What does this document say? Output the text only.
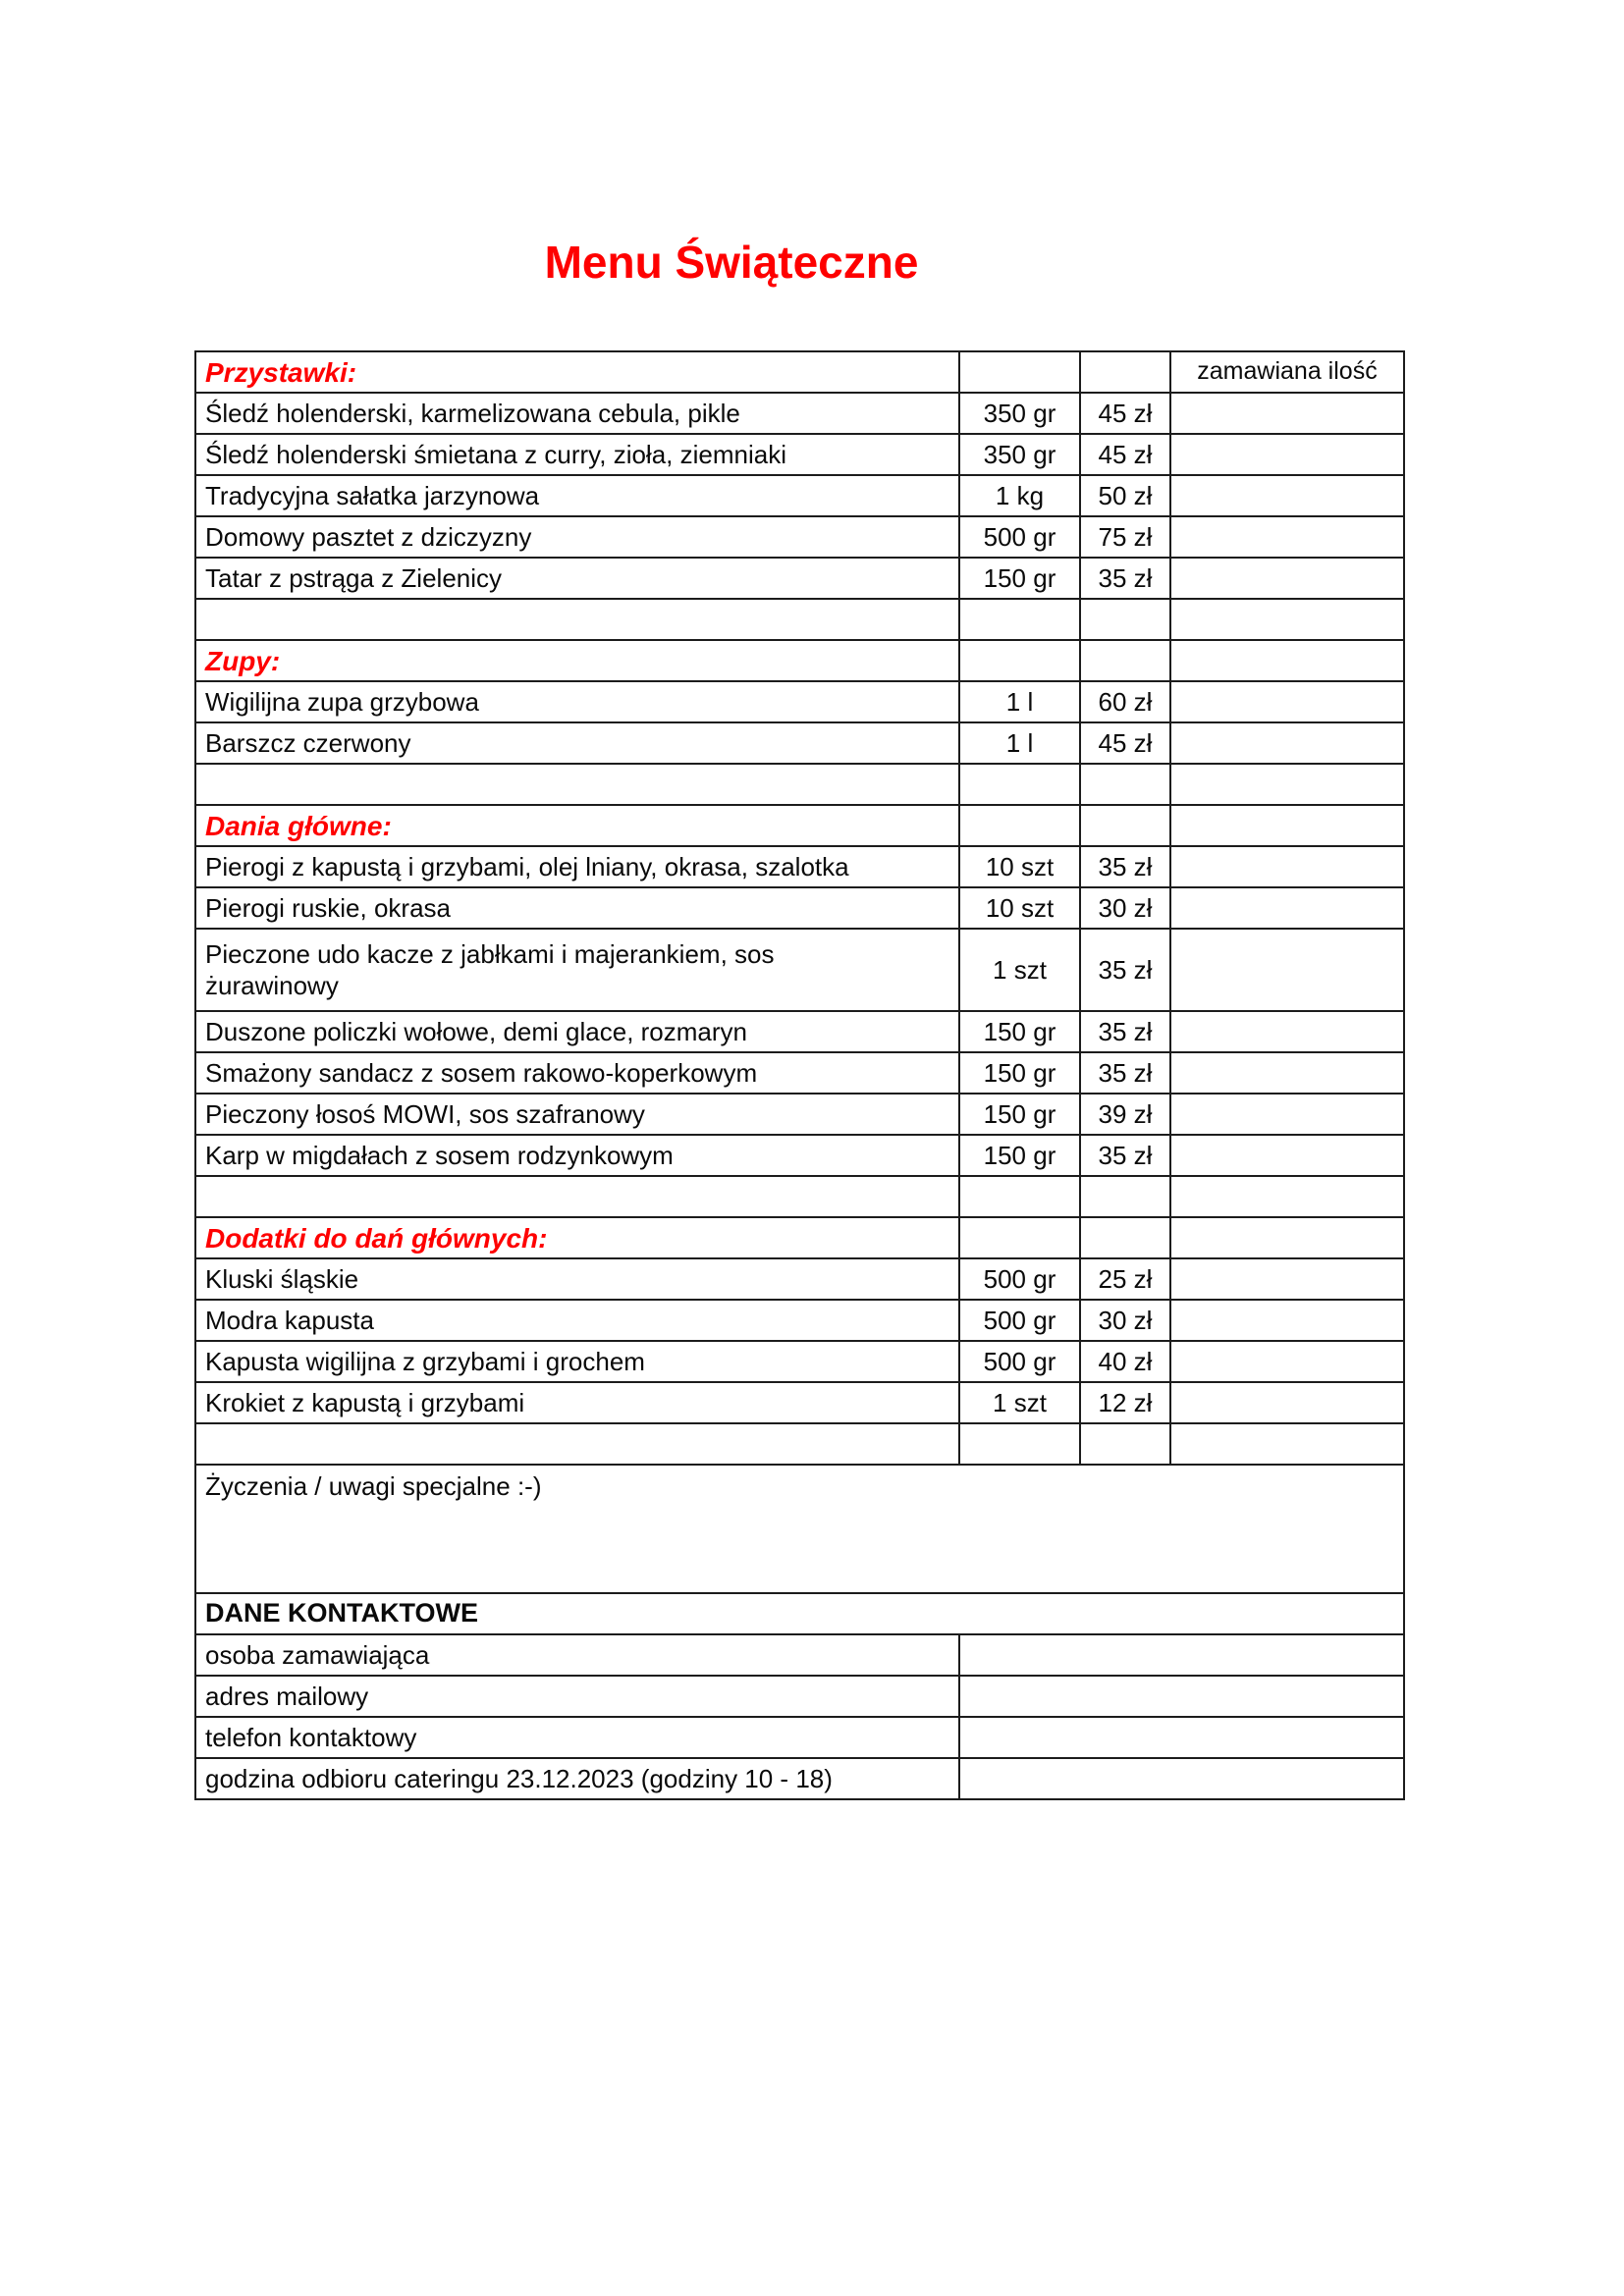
Menu Świąteczne
Przystawki:			zamawiana ilość
Śledź holenderski, karmelizowana cebula, pikle	350 gr	45 zł	
Śledź holenderski śmietana z curry, zioła, ziemniaki	350 gr	45 zł	
Tradycyjna sałatka jarzynowa	1 kg	50 zł	
Domowy pasztet z dziczyzny	500 gr	75 zł	
Tatar z pstrąga z Zielenicy	150 gr	35 zł	

Zupy:			
Wigilijna zupa grzybowa	1 l	60 zł	
Barszcz czerwony	1 l	45 zł	

Dania główne:			
Pierogi z kapustą i grzybami, olej lniany, okrasa, szalotka	10 szt	35 zł	
Pierogi ruskie, okrasa	10 szt	30 zł	
Pieczone udo kacze z jabłkami i majerankiem, sos żurawinowy	1 szt	35 zł	
Duszone policzki wołowe, demi glace, rozmaryn	150 gr	35 zł	
Smażony sandacz z sosem rakowo-koperkowym	150 gr	35 zł	
Pieczony łosoś MOWI, sos szafranowy	150 gr	39 zł	
Karp w migdałach z sosem rodzynkowym	150 gr	35 zł	

Dodatki do dań głównych:			
Kluski śląskie	500 gr	25 zł	
Modra kapusta	500 gr	30 zł	
Kapusta wigilijna z grzybami i grochem	500 gr	40 zł	
Krokiet z kapustą i grzybami	1 szt	12 zł	

Życzenia / uwagi specjalne :-)			
DANE KONTAKTOWE			
osoba zamawiająca			
adres mailowy			
telefon kontaktowy			
godzina odbioru cateringu 23.12.2023 (godziny 10 - 18)			
